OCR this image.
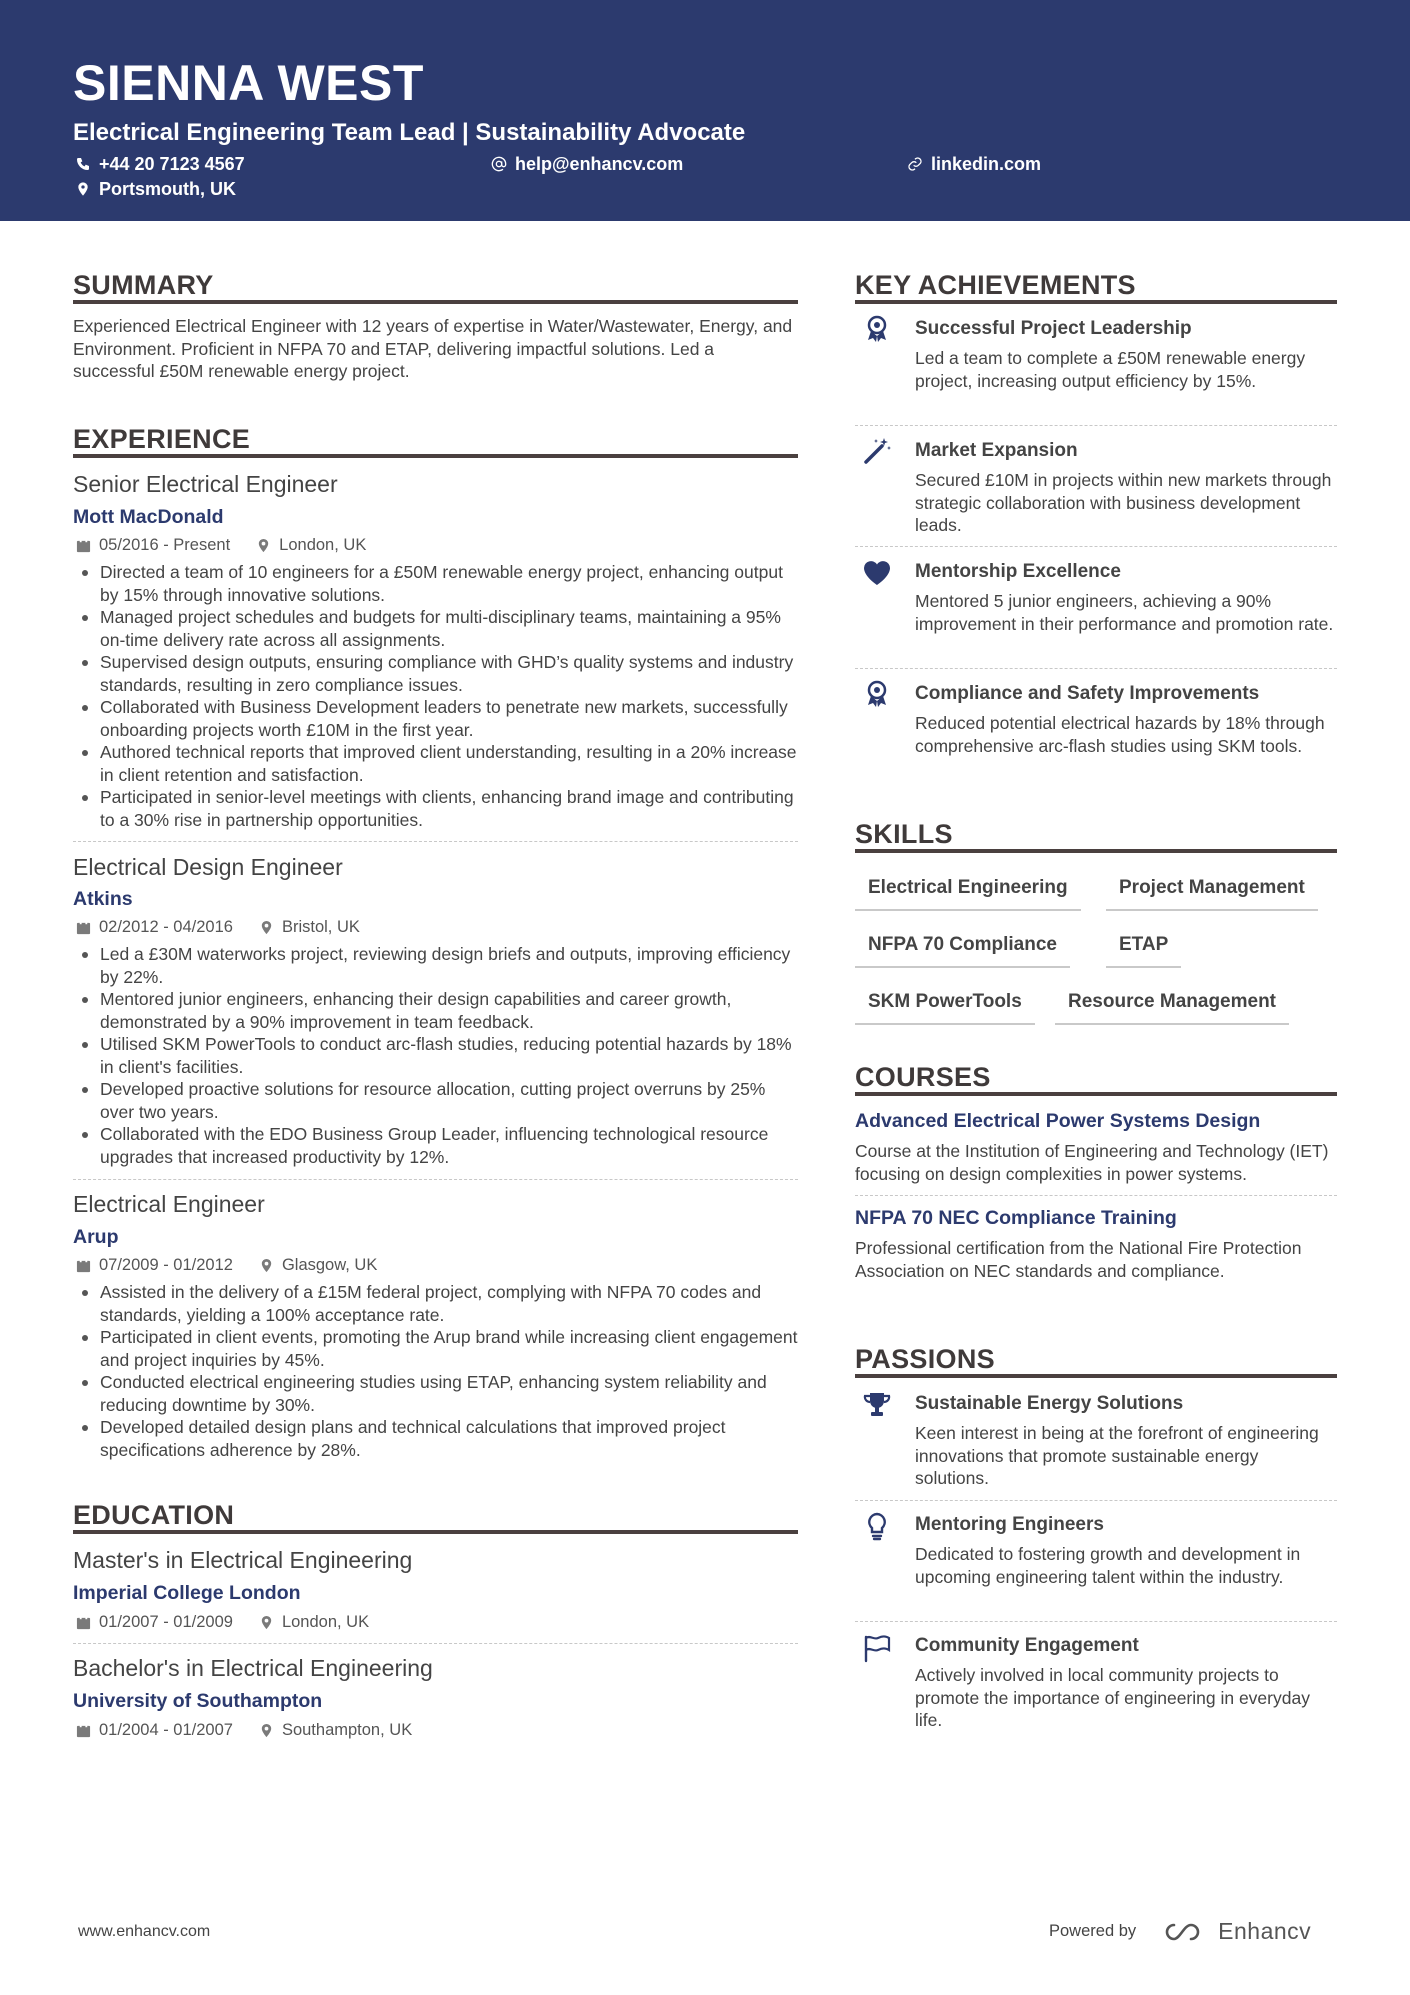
SIENNA WEST
Electrical Engineering Team Lead | Sustainability Advocate
+44 20 7123 4567	help@enhancv.com	linkedin.com
Portsmouth, UK
SUMMARY
Experienced Electrical Engineer with 12 years of expertise in Water/Wastewater, Energy, and Environment. Proficient in NFPA 70 and ETAP, delivering impactful solutions. Led a successful £50M renewable energy project.
EXPERIENCE
Senior Electrical Engineer
Mott MacDonald
05/2016 - Present	London, UK
Directed a team of 10 engineers for a £50M renewable energy project, enhancing output by 15% through innovative solutions.
Managed project schedules and budgets for multi-disciplinary teams, maintaining a 95% on-time delivery rate across all assignments.
Supervised design outputs, ensuring compliance with GHD’s quality systems and industry standards, resulting in zero compliance issues.
Collaborated with Business Development leaders to penetrate new markets, successfully onboarding projects worth £10M in the first year.
Authored technical reports that improved client understanding, resulting in a 20% increase in client retention and satisfaction.
Participated in senior-level meetings with clients, enhancing brand image and contributing to a 30% rise in partnership opportunities.
Electrical Design Engineer
Atkins
02/2012 - 04/2016	Bristol, UK
Led a £30M waterworks project, reviewing design briefs and outputs, improving efficiency by 22%.
Mentored junior engineers, enhancing their design capabilities and career growth, demonstrated by a 90% improvement in team feedback.
Utilised SKM PowerTools to conduct arc-flash studies, reducing potential hazards by 18% in client's facilities.
Developed proactive solutions for resource allocation, cutting project overruns by 25% over two years.
Collaborated with the EDO Business Group Leader, influencing technological resource upgrades that increased productivity by 12%.
Electrical Engineer
Arup
07/2009 - 01/2012	Glasgow, UK
Assisted in the delivery of a £15M federal project, complying with NFPA 70 codes and standards, yielding a 100% acceptance rate.
Participated in client events, promoting the Arup brand while increasing client engagement and project inquiries by 45%.
Conducted electrical engineering studies using ETAP, enhancing system reliability and reducing downtime by 30%.
Developed detailed design plans and technical calculations that improved project specifications adherence by 28%.
EDUCATION
Master's in Electrical Engineering
Imperial College London
01/2007 - 01/2009	London, UK
Bachelor's in Electrical Engineering
University of Southampton
01/2004 - 01/2007	Southampton, UK
KEY ACHIEVEMENTS
Successful Project Leadership
Led a team to complete a £50M renewable energy project, increasing output efficiency by 15%.
Market Expansion
Secured £10M in projects within new markets through strategic collaboration with business development leads.
Mentorship Excellence
Mentored 5 junior engineers, achieving a 90% improvement in their performance and promotion rate.
Compliance and Safety Improvements
Reduced potential electrical hazards by 18% through comprehensive arc-flash studies using SKM tools.
SKILLS
Electrical Engineering	Project Management
NFPA 70 Compliance	ETAP
SKM PowerTools	Resource Management
COURSES
Advanced Electrical Power Systems Design
Course at the Institution of Engineering and Technology (IET) focusing on design complexities in power systems.
NFPA 70 NEC Compliance Training
Professional certification from the National Fire Protection Association on NEC standards and compliance.
PASSIONS
Sustainable Energy Solutions
Keen interest in being at the forefront of engineering innovations that promote sustainable energy solutions.
Mentoring Engineers
Dedicated to fostering growth and development in upcoming engineering talent within the industry.
Community Engagement
Actively involved in local community projects to promote the importance of engineering in everyday life.
www.enhancv.com	Powered by	Enhancv
